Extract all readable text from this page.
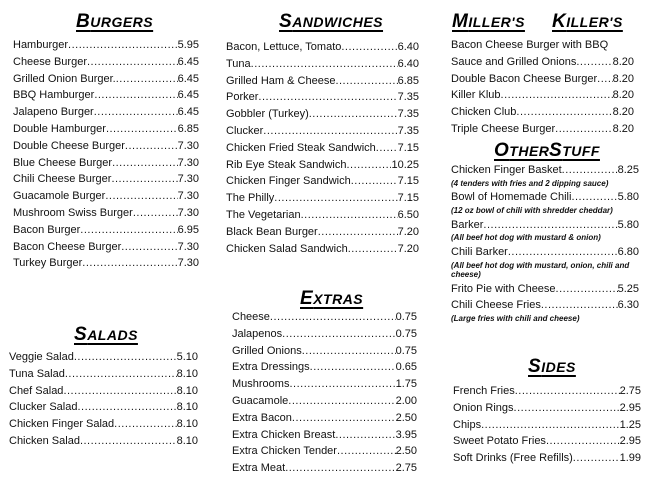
BURGERS
Hamburger .....	5.95
Cheese Burger .....	6.45
Grilled Onion Burger. .....	6.45
BBQ Hamburger .....	6.45
Jalapeno Burger .....	6.45
Double Hamburger .....	6.85
Double Cheese Burger .....	7.30
Blue Cheese Burger .....	7.30
Chili Cheese Burger .....	7.30
Guacamole Burger .....	7.30
Mushroom Swiss Burger .....	7.30
Bacon Burger .....	6.95
Bacon Cheese Burger .....	7.30
Turkey Burger .....	7.30
SALADS
Veggie Salad .....	5.10
Tuna Salad .....	8.10
Chef Salad .....	8.10
Clucker Salad .....	8.10
Chicken Finger Salad .....	8.10
Chicken Salad .....	8.10
SANDWICHES
Bacon, Lettuce, Tomato .....	6.40
Tuna .....	6.40
Grilled Ham & Cheese .....	6.85
Porker .....	7.35
Gobbler (Turkey) .....	7.35
Clucker .....	7.35
Chicken Fried Steak Sandwich ..... 7.15
Rib Eye Steak Sandwich .....	10.25
Chicken Finger Sandwich .....	7.15
The Philly .....	7.15
The Vegetarian .....	6.50
Black Bean Burger .....	7.20
Chicken Salad Sandwich .....	7.20
EXTRAS
Cheese .....	0.75
Jalapenos .....	0.75
Grilled Onions .....	0.75
Extra Dressings .....	0.65
Mushrooms .....	1.75
Guacamole .....	2.00
Extra Bacon .....	2.50
Extra Chicken Breast .....	3.95
Extra Chicken Tender .....	2.50
Extra Meat .....	2.75
MILLER'S KILLER'S
Bacon Cheese Burger with BBQ
Sauce and Grilled Onions .....	8.20
Double Bacon Cheese Burger ..... 8.20
Killer Klub .....	8.20
Chicken Club .....	8.20
Triple Cheese Burger .....	8.20
OTHER STUFF
Chicken Finger Basket .....	8.25
(4 tenders with fries and 2 dipping sauce)
Bowl of Homemade Chili .....	5.80
(12 oz bowl of chili with shredder cheddar)
Barker .....	5.80
(All beef hot dog with mustard & onion)
Chili Barker .....	6.80
(All beef hot dog with mustard, onion, chili and cheese)
Frito Pie with Cheese .....	5.25
Chili Cheese Fries .....	6.30
(Large fries with chili and cheese)
SIDES
French Fries .....	2.75
Onion Rings .....	2.95
Chips .....	1.25
Sweet Potato Fries .....	2.95
Soft Drinks (Free Refills) .....	1.99
